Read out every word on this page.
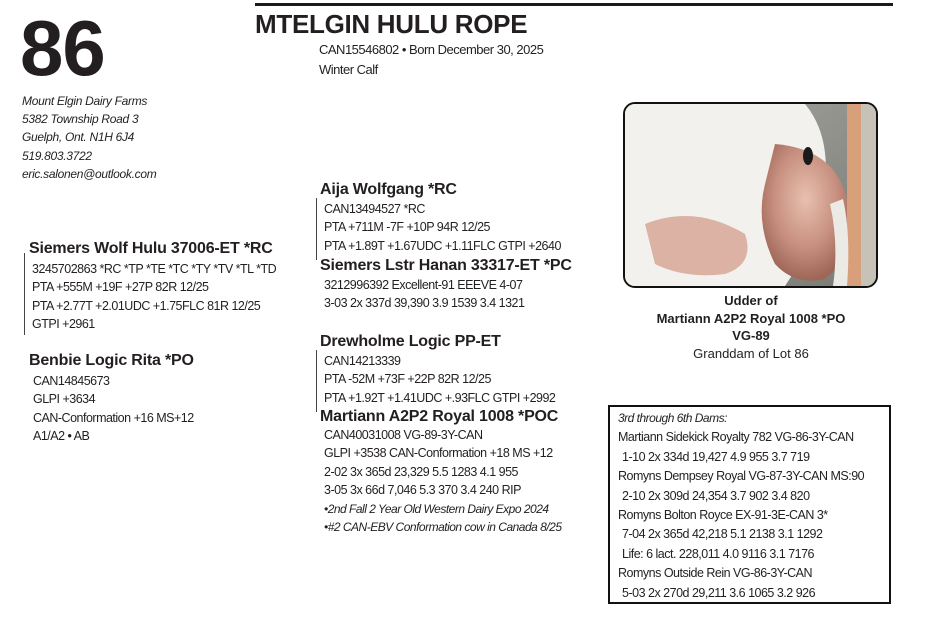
86	MTELGIN HULU ROPE
CAN15546802 • Born December 30, 2025
Winter Calf
Mount Elgin Dairy Farms
5382 Township Road 3
Guelph, Ont. N1H 6J4
519.803.3722
eric.salonen@outlook.com
Siemers Wolf Hulu 37006-ET *RC
3245702863 *RC *TP *TE *TC *TY *TV *TL *TD
PTA +555M +19F +27P 82R 12/25
PTA +2.77T +2.01UDC +1.75FLC 81R 12/25
GTPI +2961
Benbie Logic Rita *PO
CAN14845673
GLPI +3634
CAN-Conformation +16 MS+12
A1/A2 • AB
Aija Wolfgang *RC
CAN13494527 *RC
PTA +711M -7F +10P 94R 12/25
PTA +1.89T +1.67UDC +1.11FLC GTPI +2640
Siemers Lstr Hanan 33317-ET *PC
3212996392 Excellent-91 EEEVE 4-07
3-03 2x 337d 39,390 3.9 1539 3.4 1321
Drewholme Logic PP-ET
CAN14213339
PTA -52M +73F +22P 82R 12/25
PTA +1.92T +1.41UDC +.93FLC GTPI +2992
Martiann A2P2 Royal 1008 *POC
CAN40031008 VG-89-3Y-CAN
GLPI +3538 CAN-Conformation +18 MS +12
2-02 3x 365d 23,329 5.5 1283 4.1 955
3-05 3x 66d 7,046 5.3 370 3.4 240 RIP
•2nd Fall 2 Year Old Western Dairy Expo 2024
•#2 CAN-EBV Conformation cow in Canada 8/25
Udder of
Martiann A2P2 Royal 1008 *PO
VG-89
Granddam of Lot 86
3rd through 6th Dams:
Martiann Sidekick Royalty 782 VG-86-3Y-CAN
1-10 2x 334d 19,427 4.9 955 3.7 719
Romyns Dempsey Royal VG-87-3Y-CAN MS:90
2-10 2x 309d 24,354 3.7 902 3.4 820
Romyns Bolton Royce EX-91-3E-CAN 3*
7-04 2x 365d 42,218 5.1 2138 3.1 1292
Life: 6 lact. 228,011 4.0 9116 3.1 7176
Romyns Outside Rein VG-86-3Y-CAN
5-03 2x 270d 29,211 3.6 1065 3.2 926
